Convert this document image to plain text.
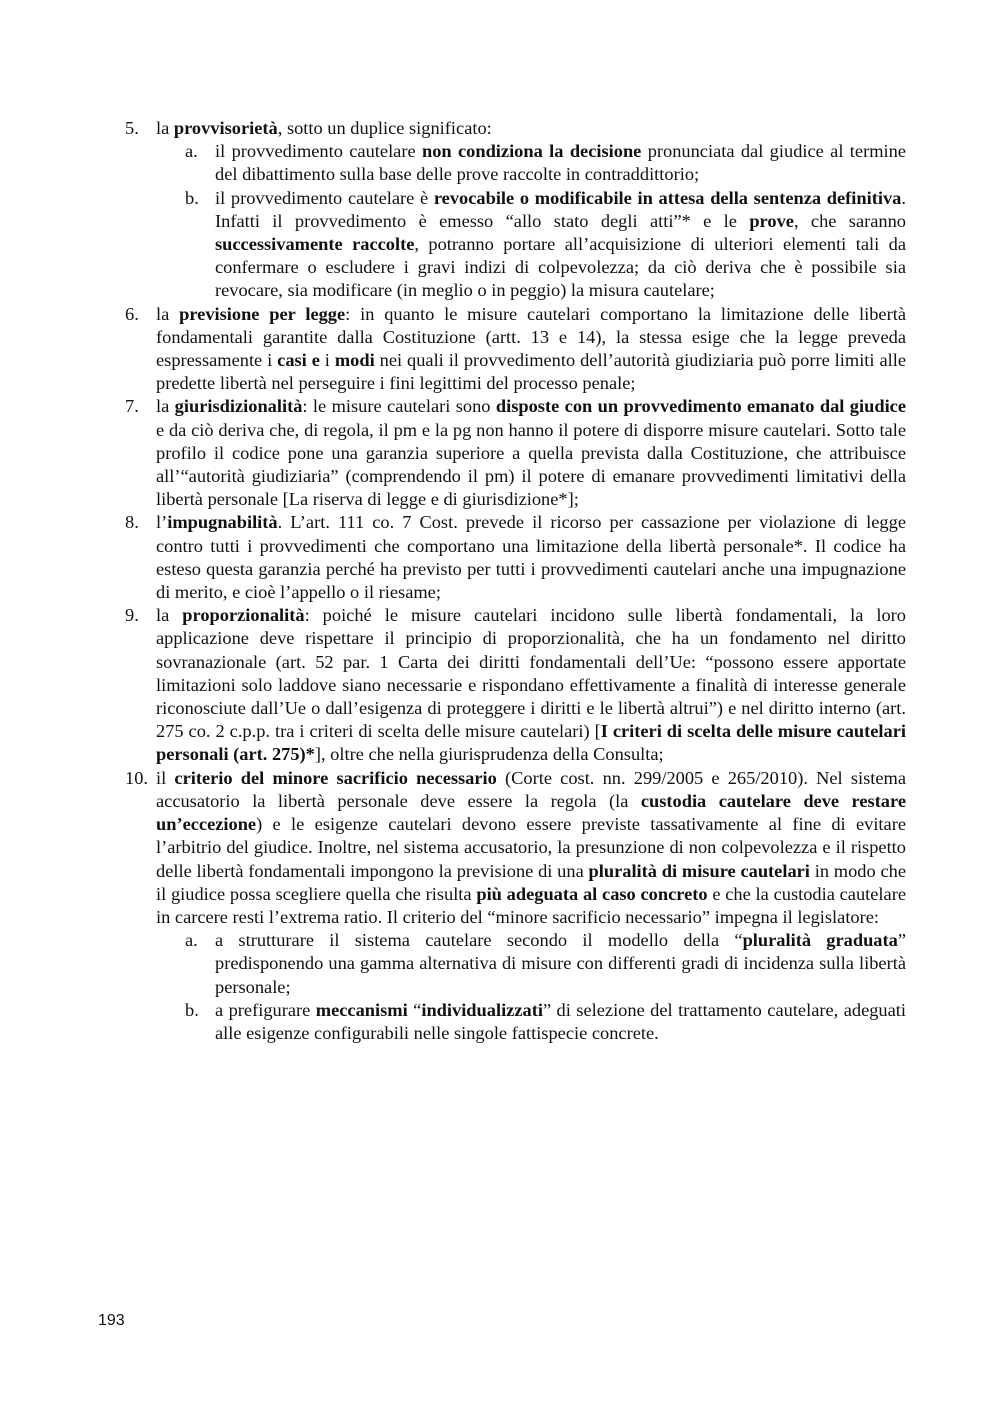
5. la provvisorietà, sotto un duplice significato:
a. il provvedimento cautelare non condiziona la decisione pronunciata dal giudice al termine del dibattimento sulla base delle prove raccolte in contraddittorio;
b. il provvedimento cautelare è revocabile o modificabile in attesa della sentenza definitiva. Infatti il provvedimento è emesso “allo stato degli atti”* e le prove, che saranno successivamente raccolte, potranno portare all’acquisizione di ulteriori elementi tali da confermare o escludere i gravi indizi di colpevolezza; da ciò deriva che è possibile sia revocare, sia modificare (in meglio o in peggio) la misura cautelare;
6. la previsione per legge: in quanto le misure cautelari comportano la limitazione delle libertà fondamentali garantite dalla Costituzione (artt. 13 e 14), la stessa esige che la legge preveda espressamente i casi e i modi nei quali il provvedimento dell’autorità giudiziaria può porre limiti alle predette libertà nel perseguire i fini legittimi del processo penale;
7. la giurisdizionalità: le misure cautelari sono disposte con un provvedimento emanato dal giudice e da ciò deriva che, di regola, il pm e la pg non hanno il potere di disporre misure cautelari. Sotto tale profilo il codice pone una garanzia superiore a quella prevista dalla Costituzione, che attribuisce all’“autorità giudiziaria” (comprendendo il pm) il potere di emanare provvedimenti limitativi della libertà personale [La riserva di legge e di giurisdizione*];
8. l’impugnabilità. L’art. 111 co. 7 Cost. prevede il ricorso per cassazione per violazione di legge contro tutti i provvedimenti che comportano una limitazione della libertà personale*. Il codice ha esteso questa garanzia perché ha previsto per tutti i provvedimenti cautelari anche una impugnazione di merito, e cioè l’appello o il riesame;
9. la proporzionalità: poiché le misure cautelari incidono sulle libertà fondamentali, la loro applicazione deve rispettare il principio di proporzionalità, che ha un fondamento nel diritto sovranazionale (art. 52 par. 1 Carta dei diritti fondamentali dell’Ue: “possono essere apportate limitazioni solo laddove siano necessarie e rispondano effettivamente a finalità di interesse generale riconosciute dall’Ue o dall’esigenza di proteggere i diritti e le libertà altrui”) e nel diritto interno (art. 275 co. 2 c.p.p. tra i criteri di scelta delle misure cautelari) [I criteri di scelta delle misure cautelari personali (art. 275)*], oltre che nella giurisprudenza della Consulta;
10. il criterio del minore sacrificio necessario (Corte cost. nn. 299/2005 e 265/2010). Nel sistema accusatorio la libertà personale deve essere la regola (la custodia cautelare deve restare un’eccezione) e le esigenze cautelari devono essere previste tassativamente al fine di evitare l’arbitrio del giudice. Inoltre, nel sistema accusatorio, la presunzione di non colpevolezza e il rispetto delle libertà fondamentali impongono la previsione di una pluralità di misure cautelari in modo che il giudice possa scegliere quella che risulta più adeguata al caso concreto e che la custodia cautelare in carcere resti l’extrema ratio. Il criterio del “minore sacrificio necessario” impegna il legislatore:
a. a strutturare il sistema cautelare secondo il modello della “pluralità graduata” predisponendo una gamma alternativa di misure con differenti gradi di incidenza sulla libertà personale;
b. a prefigurare meccanismi “individualizzati” di selezione del trattamento cautelare, adeguati alle esigenze configurabili nelle singole fattispecie concrete.
193
